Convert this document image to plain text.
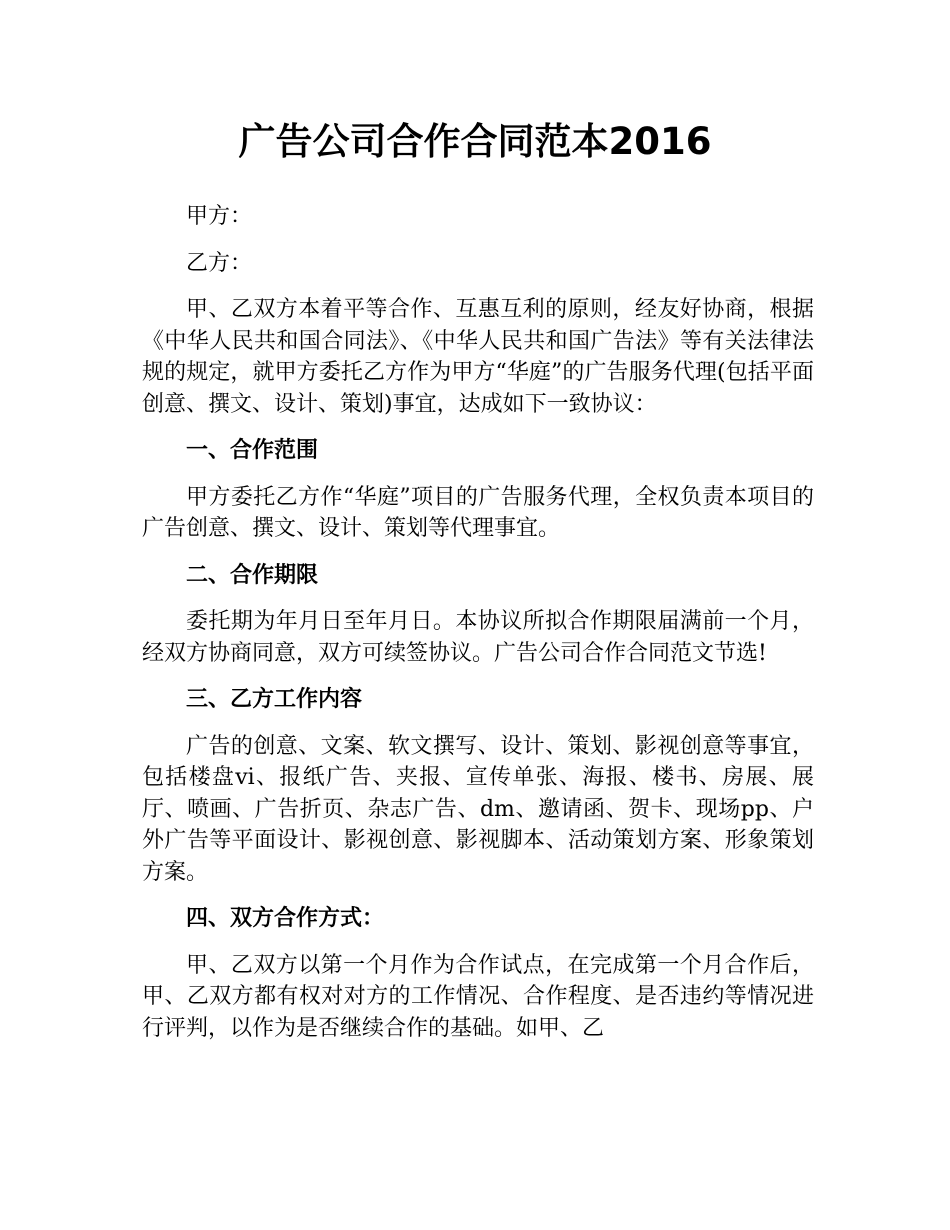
广告公司合作合同范本2016

甲方：

乙方：

甲、乙双方本着平等合作、互惠互利的原则，经友好协商，根据《中华人民共和国合同法》、《中华人民共和国广告法》等有关法律法规的规定，就甲方委托乙方作为甲方“华庭”的广告服务代理(包括平面创意、撰文、设计、策划)事宜，达成如下一致协议：

一、合作范围

甲方委托乙方作“华庭”项目的广告服务代理，全权负责本项目的广告创意、撰文、设计、策划等代理事宜。

二、合作期限

委托期为年月日至年月日。本协议所拟合作期限届满前一个月，经双方协商同意，双方可续签协议。广告公司合作合同范文节选!

三、乙方工作内容

广告的创意、文案、软文撰写、设计、策划、影视创意等事宜，包括楼盘vi、报纸广告、夹报、宣传单张、海报、楼书、房展、展厅、喷画、广告折页、杂志广告、dm、邀请函、贺卡、现场pp、户外广告等平面设计、影视创意、影视脚本、活动策划方案、形象策划方案。

四、双方合作方式：

甲、乙双方以第一个月作为合作试点，在完成第一个月合作后，甲、乙双方都有权对对方的工作情况、合作程度、是否违约等情况进行评判，以作为是否继续合作的基础。如甲、乙
